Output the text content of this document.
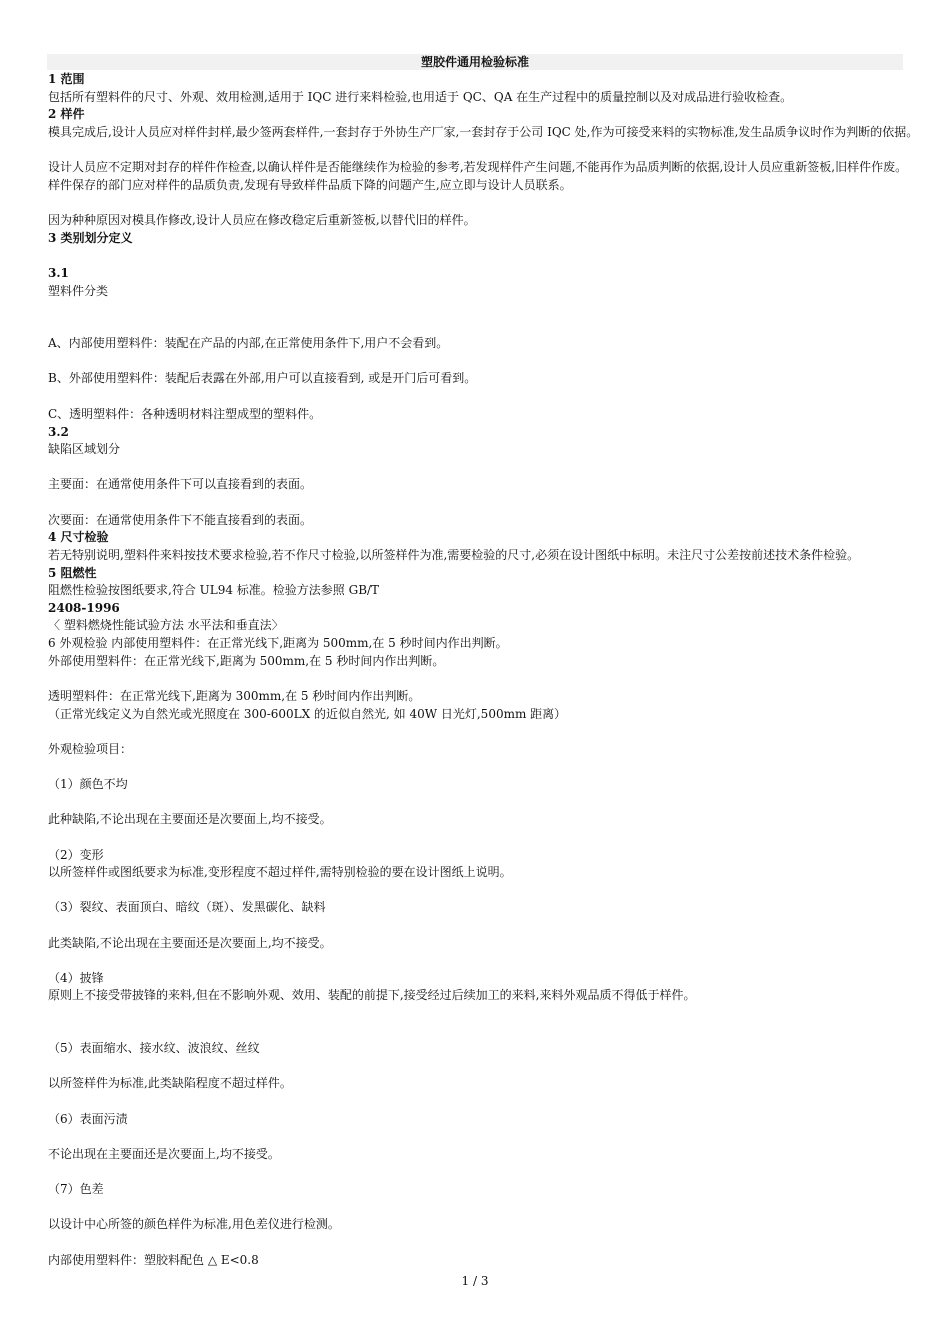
塑胶件通用检验标准
1 范围
包括所有塑料件的尺寸、外观、效用检测,适用于 IQC 进行来料检验,也用适于 QC、QA 在生产过程中的质量控制以及对成品进行验收检查。
2 样件
模具完成后,设计人员应对样件封样,最少签两套样件,一套封存于外协生产厂家,一套封存于公司 IQC 处,作为可接受来料的实物标准,发生品质争议时作为判断的依据。
设计人员应不定期对封存的样件作检查,以确认样件是否能继续作为检验的参考,若发现样件产生问题,不能再作为品质判断的依据,设计人员应重新签板,旧样件作废。
样件保存的部门应对样件的品质负责,发现有导致样件品质下降的问题产生,应立即与设计人员联系。
因为种种原因对模具作修改,设计人员应在修改稳定后重新签板,以替代旧的样件。
3 类别划分定义
3.1
塑料件分类
A、内部使用塑料件：装配在产品的内部,在正常使用条件下,用户不会看到。
B、外部使用塑料件：装配后表露在外部,用户可以直接看到, 或是开门后可看到。
C、透明塑料件：各种透明材料注塑成型的塑料件。
3.2
缺陷区域划分
主要面：在通常使用条件下可以直接看到的表面。
次要面：在通常使用条件下不能直接看到的表面。
4 尺寸检验
若无特别说明,塑料件来料按技术要求检验,若不作尺寸检验,以所签样件为准,需要检验的尺寸,必须在设计图纸中标明。未注尺寸公差按前述技术条件检验。
5 阻燃性
阻燃性检验按图纸要求,符合 UL94 标准。检验方法参照 GB/T
2408-1996
〈 塑料燃烧性能试验方法 水平法和垂直法〉
6 外观检验 内部使用塑料件：在正常光线下,距离为 500mm,在 5 秒时间内作出判断。
外部使用塑料件：在正常光线下,距离为 500mm,在 5 秒时间内作出判断。
透明塑料件：在正常光线下,距离为 300mm,在 5 秒时间内作出判断。
（正常光线定义为自然光或光照度在 300-600LX 的近似自然光, 如 40W 日光灯,500mm 距离）
外观检验项目：
（1）颜色不均
此种缺陷,不论出现在主要面还是次要面上,均不接受。
（2）变形
以所签样件或图纸要求为标准,变形程度不超过样件,需特别检验的要在设计图纸上说明。
（3）裂纹、表面顶白、暗纹（斑）、发黑碳化、缺料
此类缺陷,不论出现在主要面还是次要面上,均不接受。
（4）披锋
原则上不接受带披锋的来料,但在不影响外观、效用、装配的前提下,接受经过后续加工的来料,来料外观品质不得低于样件。
（5）表面缩水、接水纹、波浪纹、丝纹
以所签样件为标准,此类缺陷程度不超过样件。
（6）表面污渍
不论出现在主要面还是次要面上,均不接受。
（7）色差
以设计中心所签的颜色样件为标准,用色差仪进行检测。
内部使用塑料件：塑胶料配色 △ E<0.8
1 / 3
